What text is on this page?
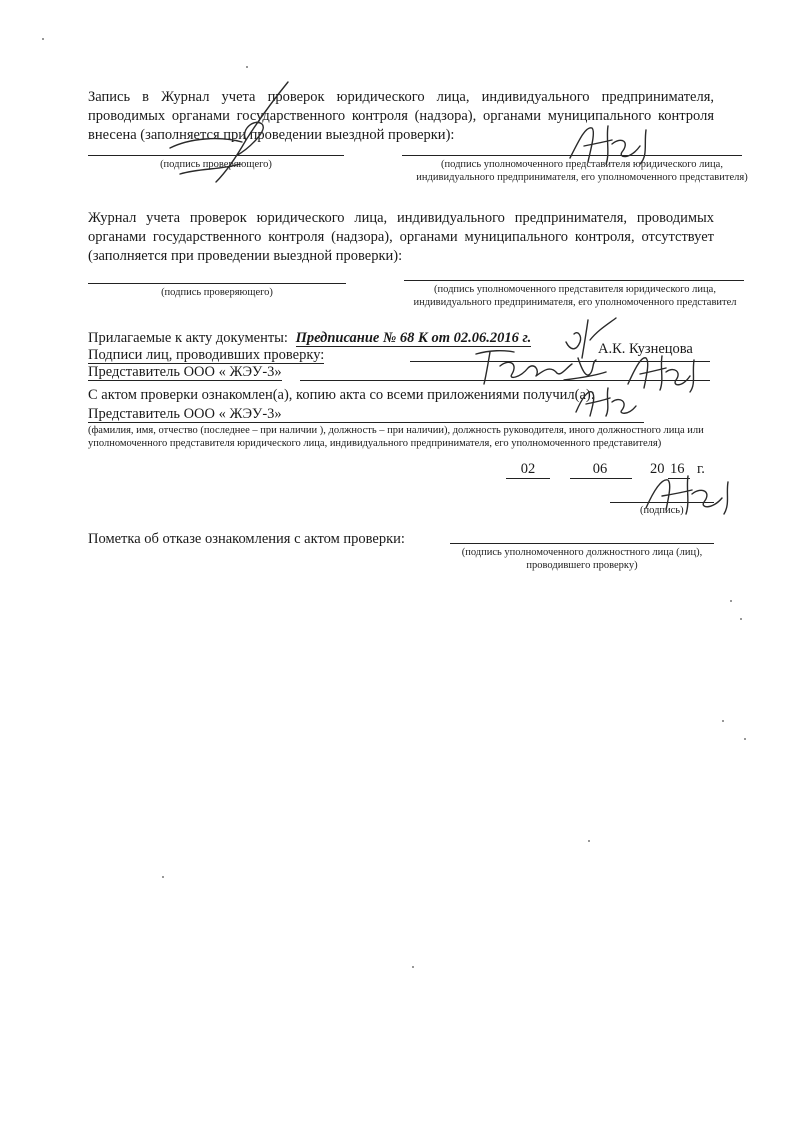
Запись в Журнал учета проверок юридического лица, индивидуального предпринимателя, проводимых органами государственного контроля (надзора), органами муниципального контроля внесена (заполняется при проведении выездной проверки):
(подпись проверяющего)	(подпись уполномоченного представителя юридического лица, индивидуального предпринимателя, его уполномоченного представителя)
Журнал учета проверок юридического лица, индивидуального предпринимателя, проводимых органами государственного контроля (надзора), органами муниципального контроля, отсутствует (заполняется при проведении выездной проверки):
(подпись проверяющего)	(подпись уполномоченного представителя юридического лица, индивидуального предпринимателя, его уполномоченного представител
Прилагаемые к акту документы: Предписание № 68 К от 02.06.2016 г.
Подписи лиц, проводивших проверку:	А.К. Кузнецова
Представитель ООО « ЖЭУ-3»
С актом проверки ознакомлен(а), копию акта со всеми приложениями получил(а):
Представитель ООО « ЖЭУ-3»
(фамилия, имя, отчество (последнее – при наличии ), должность – при наличии), должность руководителя, иного должностного лица или уполномоченного представителя юридического лица, индивидуального предпринимателя, его уполномоченного представителя)
02	06	20 16 г.
(подпись)
Пометка об отказе ознакомления с актом проверки:
(подпись уполномоченного должностного лица (лиц), проводившего проверку)
